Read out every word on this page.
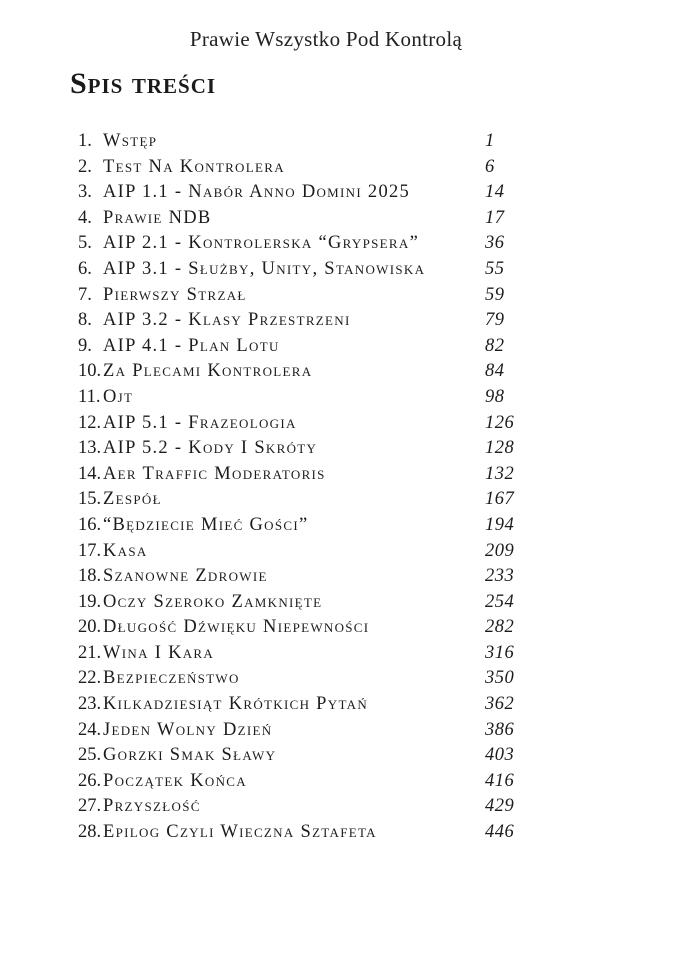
Prawie Wszystko Pod Kontrolą
Spis treści
1. Wstęp	1
2. Test Na Kontrolera	6
3. AIP 1.1 - Nabór Anno Domini 2025	14
4. Prawie NDB	17
5. AIP 2.1 - Kontrolerska “Grypsera”	36
6. AIP 3.1 - Służby, Unity, Stanowiska	55
7. Pierwszy Strzał	59
8. AIP 3.2 - Klasy Przestrzeni	79
9. AIP 4.1 - Plan Lotu	82
10. Za Plecami Kontrolera	84
11. Ojt	98
12. AIP 5.1 - Frazeologia	126
13. AIP 5.2 - Kody I Skróty	128
14. Aer Traffic Moderatoris	132
15. Zespół	167
16. “Będziecie Mieć Gości”	194
17. Kasa	209
18. Szanowne Zdrowie	233
19. Oczy Szeroko Zamknięte	254
20. Długość Dźwięku Niepewności	282
21. Wina I Kara	316
22. Bezpieczeństwo	350
23. Kilkadziesiąt Krótkich Pytań	362
24. Jeden Wolny Dzień	386
25. Gorzki Smak Sławy	403
26. Początek Końca	416
27. Przyszłość	429
28. Epilog Czyli Wieczna Sztafeta	446
